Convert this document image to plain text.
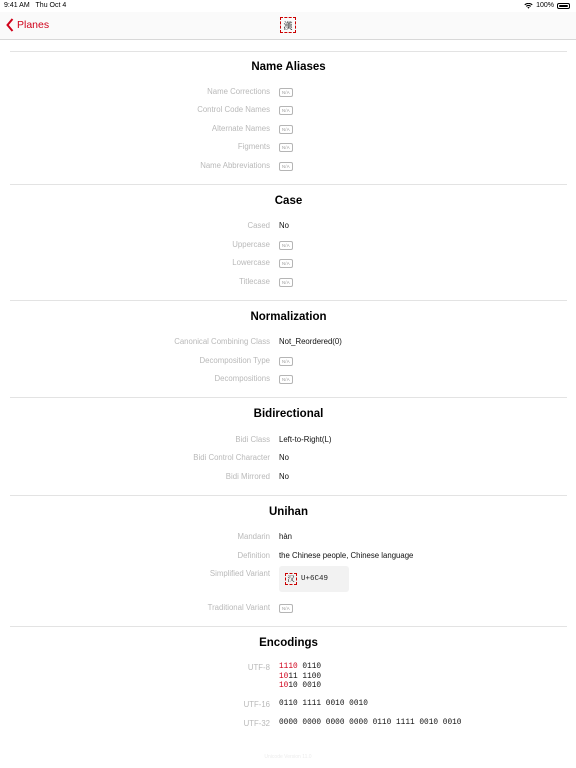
9:41 AM Thu Oct 4	100%
Planes	漢
Name Aliases
Name Corrections	N/A
Control Code Names	N/A
Alternate Names	N/A
Figments	N/A
Name Abbreviations	N/A
Case
Cased No
Uppercase	N/A
Lowercase	N/A
Titlecase	N/A
Normalization
Canonical Combining Class Not_Reordered(0)
Decomposition Type	N/A
Decompositions	N/A
Bidirectional
Bidi Class Left-to-Right(L)
Bidi Control Character No
Bidi Mirrored No
Unihan
Mandarin hàn
Definition the Chinese people, Chinese language
Simplified Variant
汉 U+6C49
Traditional Variant	N/A
Encodings
UTF-8 1110 0110
1011 1100
1010 0010
UTF-16 0110 1111 0010 0010
UTF-32 0000 0000 0000 0000 0110 1111 0010 0010
Unicode Version 11.0
